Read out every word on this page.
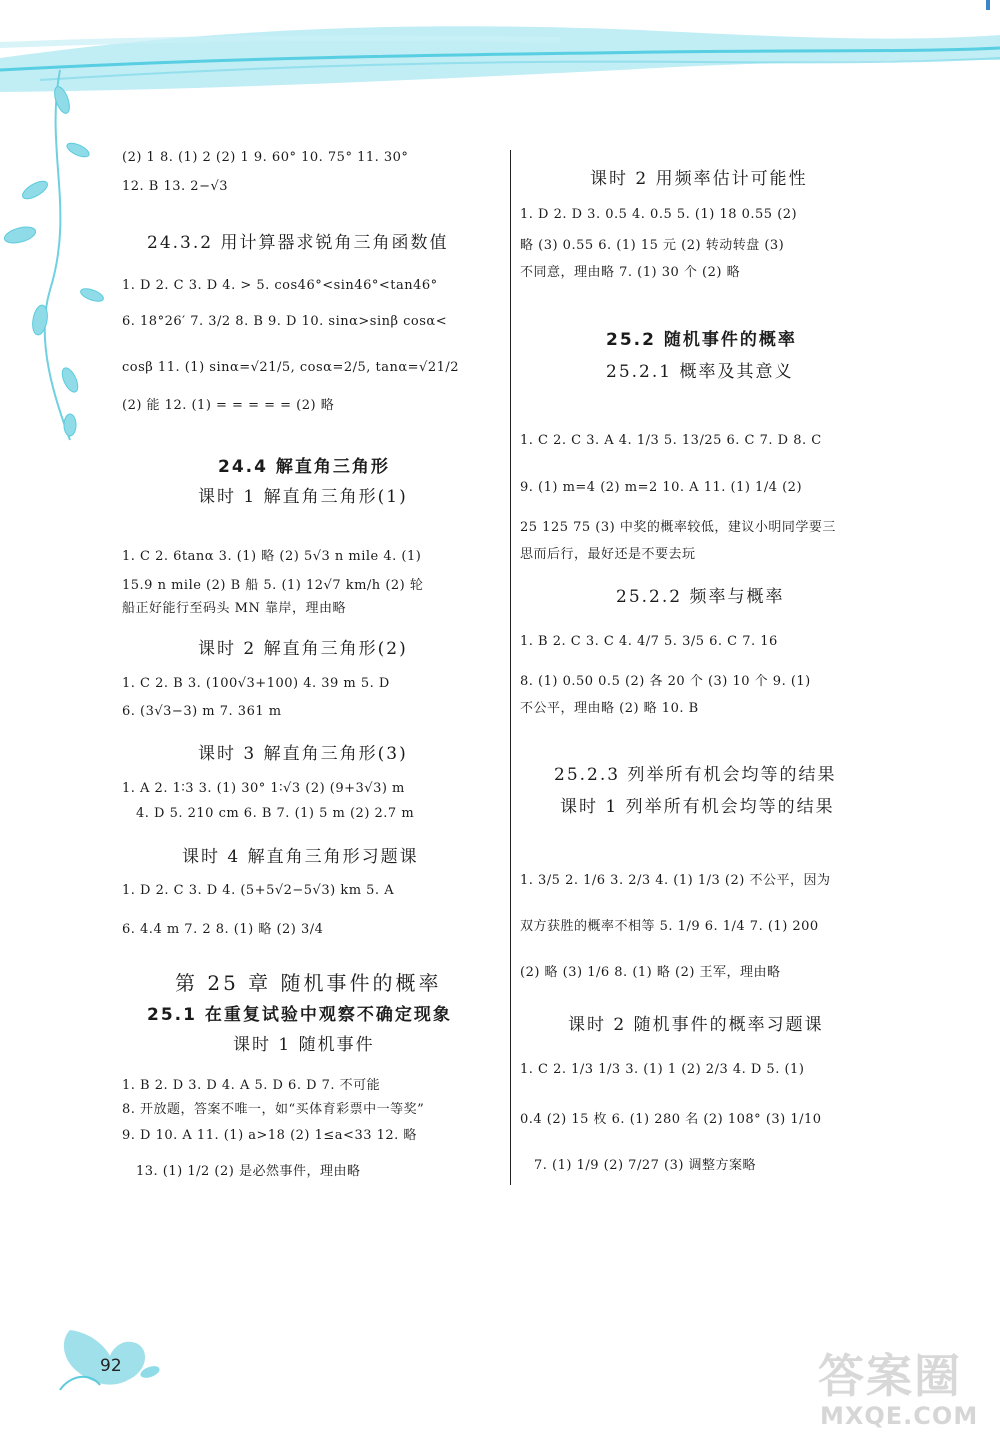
(2) 1 8. (1) 2 (2) 1 9. 60° 10. 75° 11. 30°
12. B 13. 2−√3
24.3.2 用计算器求锐角三角函数值
1. D 2. C 3. D 4. > 5. cos46°<sin46°<tan46°
6. 18°26′ 7. 3/2 8. B 9. D 10. sinα>sinβ cosα<
cosβ 11. (1) sinα=√21/5, cosα=2/5, tanα=√21/2
(2) 能 12. (1) = = = = = (2) 略
24.4 解直角三角形
课时 1 解直角三角形(1)
1. C 2. 6tanα 3. (1) 略 (2) 5√3 n mile 4. (1)
15.9 n mile (2) B 船 5. (1) 12√7 km/h (2) 轮
船正好能行至码头 MN 靠岸，理由略
课时 2 解直角三角形(2)
1. C 2. B 3. (100√3+100) 4. 39 m 5. D
6. (3√3−3) m 7. 361 m
课时 3 解直角三角形(3)
1. A 2. 1∶3 3. (1) 30° 1∶√3 (2) (9+3√3) m
4. D 5. 210 cm 6. B 7. (1) 5 m (2) 2.7 m
课时 4 解直角三角形习题课
1. D 2. C 3. D 4. (5+5√2−5√3) km 5. A
6. 4.4 m 7. 2 8. (1) 略 (2) 3/4
第 25 章 随机事件的概率
25.1 在重复试验中观察不确定现象
课时 1 随机事件
1. B 2. D 3. D 4. A 5. D 6. D 7. 不可能
8. 开放题，答案不唯一，如“买体育彩票中一等奖”
9. D 10. A 11. (1) a>18 (2) 1≤a<33 12. 略
13. (1) 1/2 (2) 是必然事件，理由略
课时 2 用频率估计可能性
1. D 2. D 3. 0.5 4. 0.5 5. (1) 18 0.55 (2)
略 (3) 0.55 6. (1) 15 元 (2) 转动转盘 (3)
不同意，理由略 7. (1) 30 个 (2) 略
25.2 随机事件的概率
25.2.1 概率及其意义
1. C 2. C 3. A 4. 1/3 5. 13/25 6. C 7. D 8. C
9. (1) m=4 (2) m=2 10. A 11. (1) 1/4 (2)
25 125 75 (3) 中奖的概率较低，建议小明同学要三
思而后行，最好还是不要去玩
25.2.2 频率与概率
1. B 2. C 3. C 4. 4/7 5. 3/5 6. C 7. 16
8. (1) 0.50 0.5 (2) 各 20 个 (3) 10 个 9. (1)
不公平，理由略 (2) 略 10. B
25.2.3 列举所有机会均等的结果
课时 1 列举所有机会均等的结果
1. 3/5 2. 1/6 3. 2/3 4. (1) 1/3 (2) 不公平，因为
双方获胜的概率不相等 5. 1/9 6. 1/4 7. (1) 200
(2) 略 (3) 1/6 8. (1) 略 (2) 王军，理由略
课时 2 随机事件的概率习题课
1. C 2. 1/3 1/3 3. (1) 1 (2) 2/3 4. D 5. (1)
0.4 (2) 15 枚 6. (1) 280 名 (2) 108° (3) 1/10
7. (1) 1/9 (2) 7/27 (3) 调整方案略
92	答案圈
MXQE.COM
